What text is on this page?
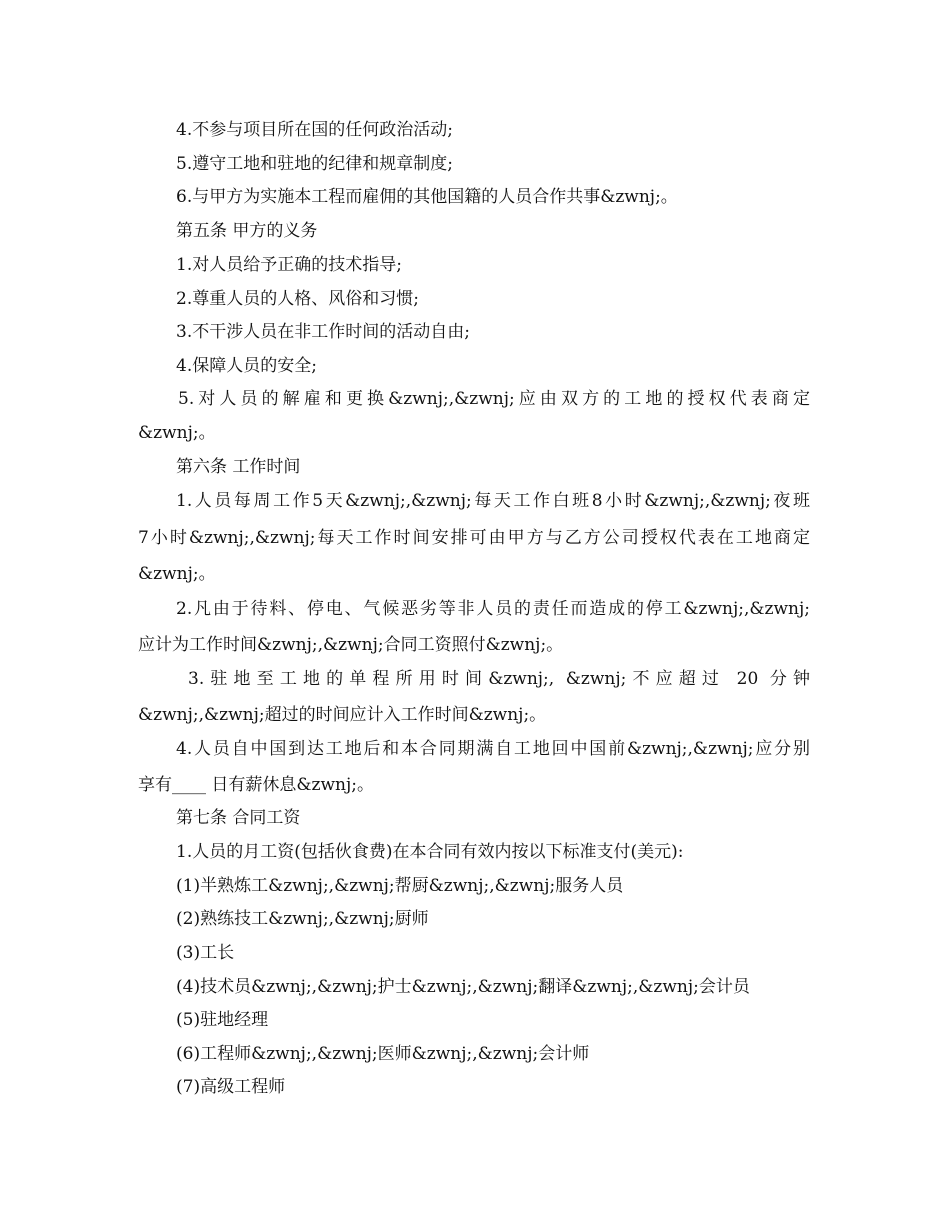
4.不参与项目所在国的任何政治活动;
5.遵守工地和驻地的纪律和规章制度;
6.与甲方为实施本工程而雇佣的其他国籍的人员合作共事&zwnj;。
第五条 甲方的义务
1.对人员给予正确的技术指导;
2.尊重人员的人格、风俗和习惯;
3.不干涉人员在非工作时间的活动自由;
4.保障人员的安全;
5.对人员的解雇和更换&zwnj;,&zwnj;应由双方的工地的授权代表商定
&zwnj;。
第六条 工作时间
1.人员每周工作5天&zwnj;,&zwnj;每天工作白班8小时&zwnj;,&zwnj;夜班
7小时&zwnj;,&zwnj;每天工作时间安排可由甲方与乙方公司授权代表在工地商定
&zwnj;。
2.凡由于待料、停电、气候恶劣等非人员的责任而造成的停工&zwnj;,&zwnj;
应计为工作时间&zwnj;,&zwnj;合同工资照付&zwnj;。
3.驻地至工地的单程所用时间&zwnj;, &zwnj;不应超过 20 分钟
&zwnj;,&zwnj;超过的时间应计入工作时间&zwnj;。
4.人员自中国到达工地后和本合同期满自工地回中国前&zwnj;,&zwnj;应分别
享有____ 日有薪休息&zwnj;。
第七条 合同工资
1.人员的月工资(包括伙食费)在本合同有效内按以下标准支付(美元):
(1)半熟炼工&zwnj;,&zwnj;帮厨&zwnj;,&zwnj;服务人员
(2)熟练技工&zwnj;,&zwnj;厨师
(3)工长
(4)技术员&zwnj;,&zwnj;护士&zwnj;,&zwnj;翻译&zwnj;,&zwnj;会计员
(5)驻地经理
(6)工程师&zwnj;,&zwnj;医师&zwnj;,&zwnj;会计师
(7)高级工程师
